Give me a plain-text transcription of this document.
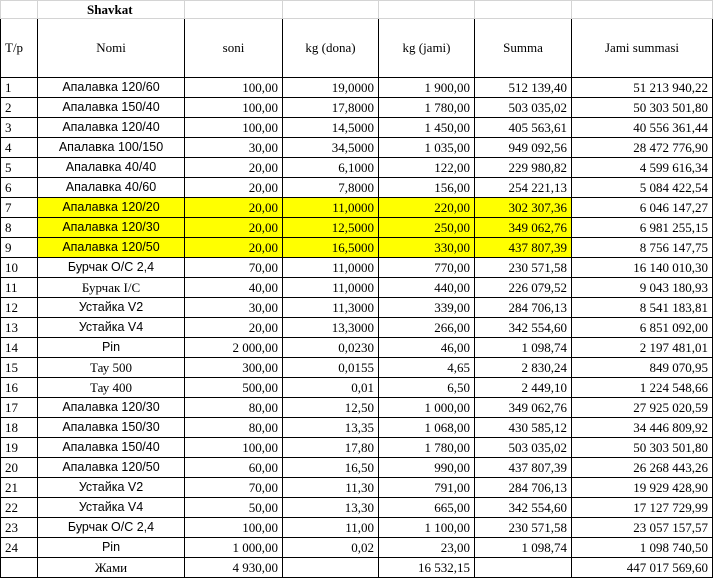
	Shavkat					
T/p	Nomi	soni	kg (dona)	kg (jami)	Summa	Jami summasi
1	Апалавка 120/60	100,00	19,0000	1 900,00	512 139,40	51 213 940,22
2	Апалавка 150/40	100,00	17,8000	1 780,00	503 035,02	50 303 501,80
3	Апалавка 120/40	100,00	14,5000	1 450,00	405 563,61	40 556 361,44
4	Апалавка 100/150	30,00	34,5000	1 035,00	949 092,56	28 472 776,90
5	Апалавка 40/40	20,00	6,1000	122,00	229 980,82	4 599 616,34
6	Апалавка 40/60	20,00	7,8000	156,00	254 221,13	5 084 422,54
7	Апалавка 120/20	20,00	11,0000	220,00	302 307,36	6 046 147,27
8	Апалавка 120/30	20,00	12,5000	250,00	349 062,76	6 981 255,15
9	Апалавка 120/50	20,00	16,5000	330,00	437 807,39	8 756 147,75
10	Бурчак О/С 2,4	70,00	11,0000	770,00	230 571,58	16 140 010,30
11	Бурчак I/С	40,00	11,0000	440,00	226 079,52	9 043 180,93
12	Устайка V2	30,00	11,3000	339,00	284 706,13	8 541 183,81
13	Устайка V4	20,00	13,3000	266,00	342 554,60	6 851 092,00
14	Pin	2 000,00	0,0230	46,00	1 098,74	2 197 481,01
15	Тау 500	300,00	0,0155	4,65	2 830,24	849 070,95
16	Тау 400	500,00	0,01	6,50	2 449,10	1 224 548,66
17	Апалавка 120/30	80,00	12,50	1 000,00	349 062,76	27 925 020,59
18	Апалавка 150/30	80,00	13,35	1 068,00	430 585,12	34 446 809,92
19	Апалавка 150/40	100,00	17,80	1 780,00	503 035,02	50 303 501,80
20	Апалавка 120/50	60,00	16,50	990,00	437 807,39	26 268 443,26
21	Устайка V2	70,00	11,30	791,00	284 706,13	19 929 428,90
22	Устайка V4	50,00	13,30	665,00	342 554,60	17 127 729,99
23	Бурчак О/С 2,4	100,00	11,00	1 100,00	230 571,58	23 057 157,57
24	Pin	1 000,00	0,02	23,00	1 098,74	1 098 740,50
	Жами	4 930,00		16 532,15		447 017 569,60
